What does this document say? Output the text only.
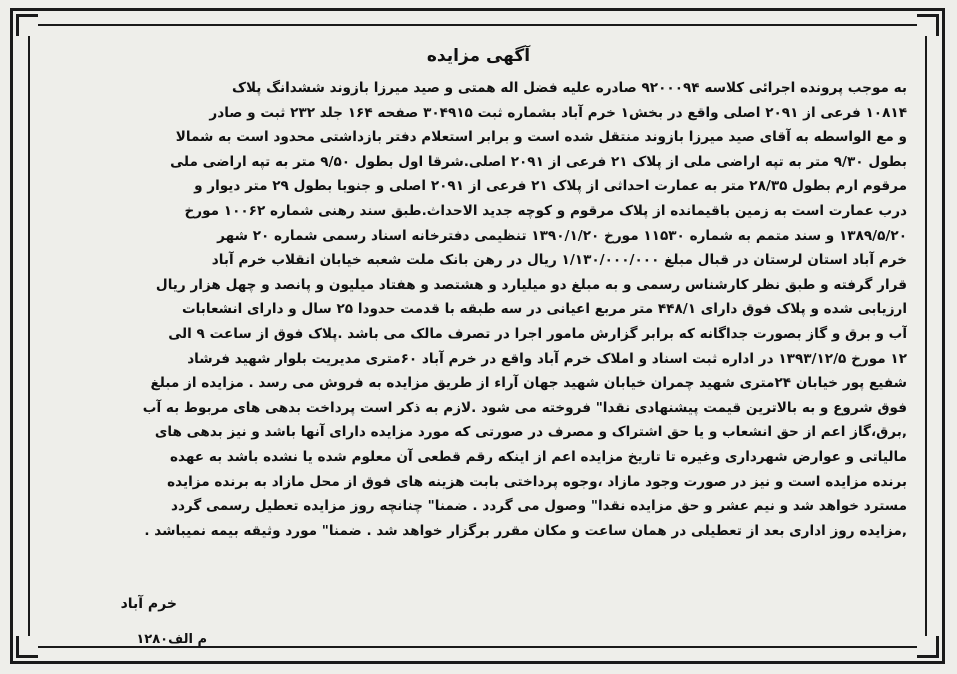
آگهی مزایده
به موجب پرونده اجرائی کلاسه ۹۲۰۰۰۹۴ صادره علیه فضل اله همتی و صید میرزا بازوند ششدانگ پلاک
۱۰۸۱۴ فرعی از ۲۰۹۱ اصلی واقع در بخش۱ خرم آباد بشماره ثبت ۳۰۴۹۱۵ صفحه ۱۶۴ جلد ۲۳۲ ثبت و صادر
و مع الواسطه به آقای صید میرزا بازوند منتقل شده است و برابر استعلام دفتر بازداشتی محدود است به شمالا
بطول ۹/۳۰ متر به تپه اراضی ملی از پلاک ۲۱ فرعی از ۲۰۹۱ اصلی.شرقا اول بطول ۹/۵۰ متر به تپه اراضی ملی
مرقوم ارم بطول ۲۸/۳۵ متر به عمارت احداثی از پلاک ۲۱ فرعی از ۲۰۹۱ اصلی و جنوبا بطول ۲۹ متر دیوار و
درب عمارت است به زمین باقیمانده از پلاک مرقوم و کوچه جدید الاحداث.طبق سند رهنی شماره ۱۰۰۶۲ مورخ
۱۳۸۹/۵/۲۰ و سند متمم به شماره ۱۱۵۳۰ مورخ ۱۳۹۰/۱/۲۰ تنظیمی دفترخانه اسناد رسمی شماره ۲۰ شهر
خرم آباد استان لرستان در قبال مبلغ ۱/۱۳۰/۰۰۰/۰۰۰ ریال در رهن بانک ملت شعبه خیابان انقلاب خرم آباد
قرار گرفته و طبق نظر کارشناس رسمی و به مبلغ دو میلیارد و هشتصد و هفتاد میلیون و پانصد و چهل هزار ریال
ارزیابی شده و پلاک فوق دارای ۴۴۸/۱ متر مربع اعیانی در سه طبقه با قدمت حدودا ۲۵ سال و دارای انشعابات
آب و برق و گاز بصورت جداگانه که برابر گزارش مامور اجرا در تصرف مالک می باشد .پلاک فوق از ساعت ۹ الی
۱۲ مورخ ۱۳۹۳/۱۲/۵ در اداره ثبت اسناد و املاک خرم آباد واقع در خرم آباد ۶۰متری مدیریت بلوار شهید فرشاد
شفیع پور خیابان ۲۴متری شهید چمران خیابان شهید جهان آراء از طریق مزایده به فروش می رسد . مزایده از مبلغ
فوق شروع و به بالاترین قیمت پیشنهادی نقدا" فروخته می شود .لازم به ذکر است پرداخت بدهی های مربوط به آب
,برق،گاز اعم از حق انشعاب و یا حق اشتراک و مصرف در صورتی که مورد مزایده دارای آنها باشد و نیز بدهی های
مالیاتی و عوارض شهرداری وغیره تا تاریخ مزایده اعم از اینکه رقم قطعی آن معلوم شده یا نشده باشد به عهده
برنده مزایده است و نیز در صورت وجود مازاد ،وجوه پرداختی بابت هزینه های فوق از محل مازاد به برنده مزایده
مسترد خواهد شد و نیم عشر و حق مزایده نقدا" وصول می گردد . ضمنا" چنانچه روز مزایده تعطیل رسمی گردد
,مزایده روز اداری بعد از تعطیلی در همان ساعت و مکان مقرر برگزار خواهد شد . ضمنا" مورد وثیقه بیمه نمیباشد .
خرم آباد
م الف۱۲۸۰
